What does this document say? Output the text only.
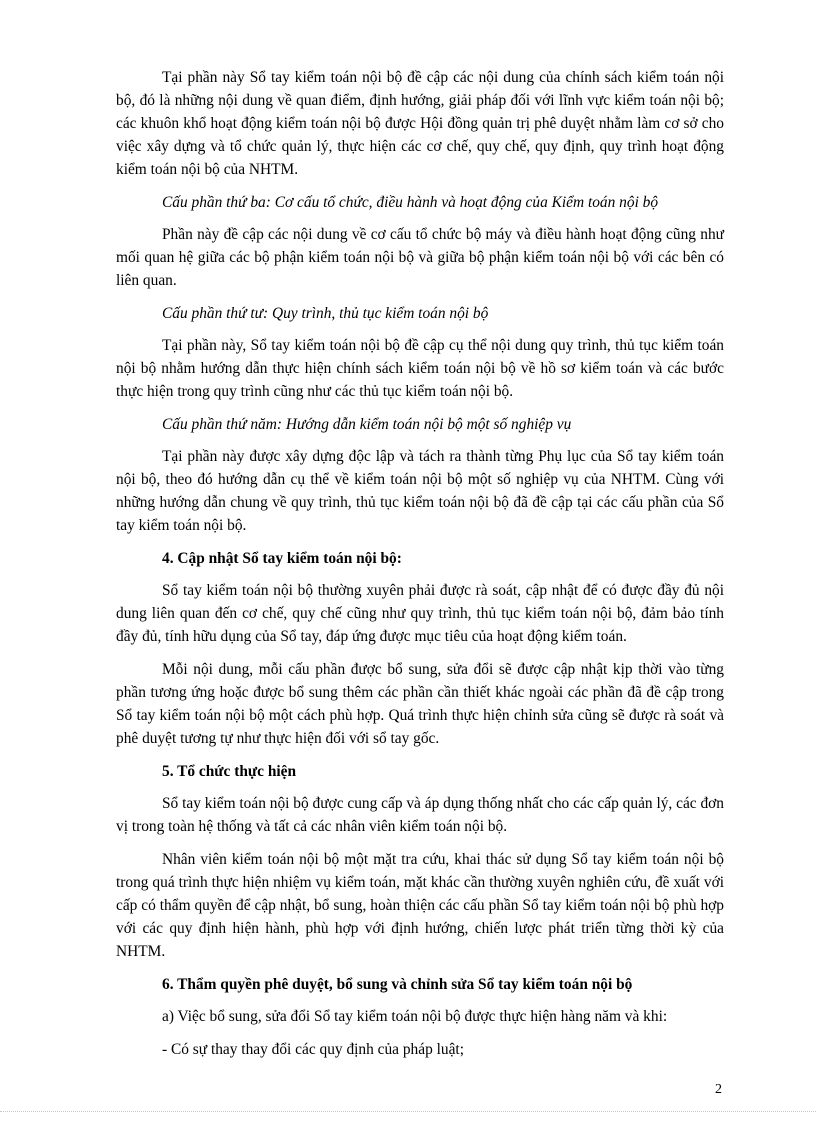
Tại phần này Sổ tay kiểm toán nội bộ đề cập các nội dung của chính sách kiểm toán nội bộ, đó là những nội dung về quan điểm, định hướng, giải pháp đối với lĩnh vực kiểm toán nội bộ; các khuôn khổ hoạt động kiểm toán nội bộ được Hội đồng quản trị phê duyệt nhằm làm cơ sở cho việc xây dựng và tổ chức quản lý, thực hiện các cơ chế, quy chế, quy định, quy trình hoạt động kiểm toán nội bộ của NHTM.

Cấu phần thứ ba: Cơ cấu tổ chức, điều hành và hoạt động của Kiểm toán nội bộ

Phần này đề cập các nội dung về cơ cấu tổ chức bộ máy và điều hành hoạt động cũng như mối quan hệ giữa các bộ phận kiểm toán nội bộ và giữa bộ phận kiểm toán nội bộ với các bên có liên quan.

Cấu phần thứ tư: Quy trình, thủ tục kiểm toán nội bộ

Tại phần này, Sổ tay kiểm toán nội bộ đề cập cụ thể nội dung quy trình, thủ tục kiểm toán nội bộ nhằm hướng dẫn thực hiện chính sách kiểm toán nội bộ về hồ sơ kiểm toán và các bước thực hiện trong quy trình cũng như các thủ tục kiểm toán nội bộ.

Cấu phần thứ năm: Hướng dẫn kiểm toán nội bộ một số nghiệp vụ

Tại phần này được xây dựng độc lập và tách ra thành từng Phụ lục của Sổ tay kiểm toán nội bộ, theo đó hướng dẫn cụ thể về kiểm toán nội bộ một số nghiệp vụ của NHTM. Cùng với những hướng dẫn chung về quy trình, thủ tục kiểm toán nội bộ đã đề cập tại các cấu phần của Sổ tay kiểm toán nội bộ.

4. Cập nhật Sổ tay kiểm toán nội bộ:

Sổ tay kiểm toán nội bộ thường xuyên phải được rà soát, cập nhật để có được đầy đủ nội dung liên quan đến cơ chế, quy chế cũng như quy trình, thủ tục kiểm toán nội bộ, đảm bảo tính đầy đủ, tính hữu dụng của Sổ tay, đáp ứng được mục tiêu của hoạt động kiểm toán.

Mỗi nội dung, mỗi cấu phần được bổ sung, sửa đổi sẽ được cập nhật kịp thời vào từng phần tương ứng hoặc được bổ sung thêm các phần cần thiết khác ngoài các phần đã đề cập trong Sổ tay kiểm toán nội bộ một cách phù hợp. Quá trình thực hiện chỉnh sửa cũng sẽ được rà soát và phê duyệt tương tự như thực hiện đối với sổ tay gốc.

5. Tổ chức thực hiện

Sổ tay kiểm toán nội bộ được cung cấp và áp dụng thống nhất cho các cấp quản lý, các đơn vị trong toàn hệ thống và tất cả các nhân viên kiểm toán nội bộ.

Nhân viên kiểm toán nội bộ một mặt tra cứu, khai thác sử dụng Sổ tay kiểm toán nội bộ trong quá trình thực hiện nhiệm vụ kiểm toán, mặt khác cần thường xuyên nghiên cứu, đề xuất với cấp có thẩm quyền để cập nhật, bổ sung, hoàn thiện các cấu phần Sổ tay kiểm toán nội bộ phù hợp với các quy định hiện hành, phù hợp với định hướng, chiến lược phát triển từng thời kỳ của NHTM.

6. Thẩm quyền phê duyệt, bổ sung và chỉnh sửa Sổ tay kiểm toán nội bộ

a) Việc bổ sung, sửa đổi Sổ tay kiểm toán nội bộ được thực hiện hàng năm và khi:

- Có sự thay thay đổi các quy định của pháp luật;

2
